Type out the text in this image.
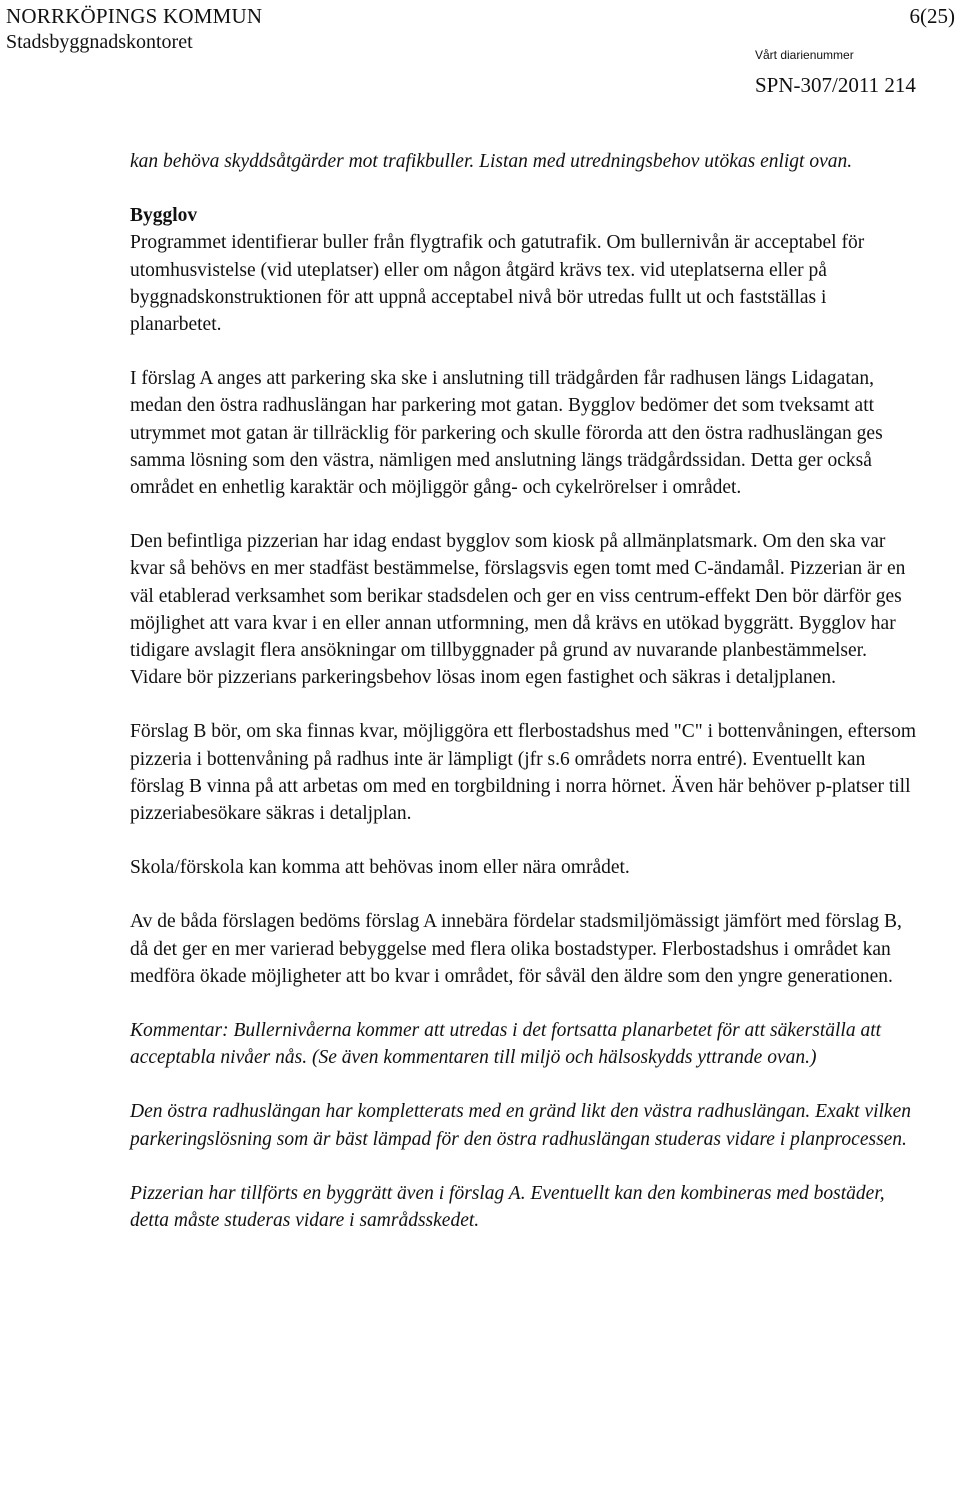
NORRKÖPINGS KOMMUN	6(25)
Stadsbyggnadskontoret
Vårt diarienummer
SPN-307/2011 214

kan behöva skyddsåtgärder mot trafikbuller. Listan med utredningsbehov utökas enligt ovan.

Bygglov

Programmet identifierar buller från flygtrafik och gatutrafik. Om bullernivån är acceptabel för utomhusvistelse (vid uteplatser) eller om någon åtgärd krävs tex. vid uteplatserna eller på byggnadskonstruktionen för att uppnå acceptabel nivå bör utredas fullt ut och fastställas i planarbetet.

I förslag A anges att parkering ska ske i anslutning till trädgården får radhusen längs Lidagatan, medan den östra radhuslängan har parkering mot gatan. Bygglov bedömer det som tveksamt att utrymmet mot gatan är tillräcklig för parkering och skulle förorda att den östra radhuslängan ges samma lösning som den västra, nämligen med anslutning längs trädgårdssidan. Detta ger också området en enhetlig karaktär och möjliggör gång- och cykelrörelser i området.

Den befintliga pizzerian har idag endast bygglov som kiosk på allmänplatsmark. Om den ska var kvar så behövs en mer stadfäst bestämmelse, förslagsvis egen tomt med C-ändamål. Pizzerian är en väl etablerad verksamhet som berikar stadsdelen och ger en viss centrum-effekt Den bör därför ges möjlighet att vara kvar i en eller annan utformning, men då krävs en utökad byggrätt. Bygglov har tidigare avslagit flera ansökningar om tillbyggnader på grund av nuvarande planbestämmelser. Vidare bör pizzerians parkeringsbehov lösas inom egen fastighet och säkras i detaljplanen.

Förslag B bör, om ska finnas kvar, möjliggöra ett flerbostadshus med "C" i bottenvåningen, eftersom pizzeria i bottenvåning på radhus inte är lämpligt (jfr s.6 områdets norra entré). Eventuellt kan förslag B vinna på att arbetas om med en torgbildning i norra hörnet. Även här behöver p-platser till pizzeriabesökare säkras i detaljplan.

Skola/förskola kan komma att behövas inom eller nära området.

Av de båda förslagen bedöms förslag A innebära fördelar stadsmiljömässigt jämfört med förslag B, då det ger en mer varierad bebyggelse med flera olika bostadstyper. Flerbostadshus i området kan medföra ökade möjligheter att bo kvar i området, för såväl den äldre som den yngre generationen.

Kommentar: Bullernivåerna kommer att utredas i det fortsatta planarbetet för att säkerställa att acceptabla nivåer nås. (Se även kommentaren till miljö och hälsoskydds yttrande ovan.)

Den östra radhuslängan har kompletterats med en gränd likt den västra radhuslängan. Exakt vilken parkeringslösning som är bäst lämpad för den östra radhuslängan studeras vidare i planprocessen.

Pizzerian har tillförts en byggrätt även i förslag A. Eventuellt kan den kombineras med bostäder, detta måste studeras vidare i samrådsskedet.
